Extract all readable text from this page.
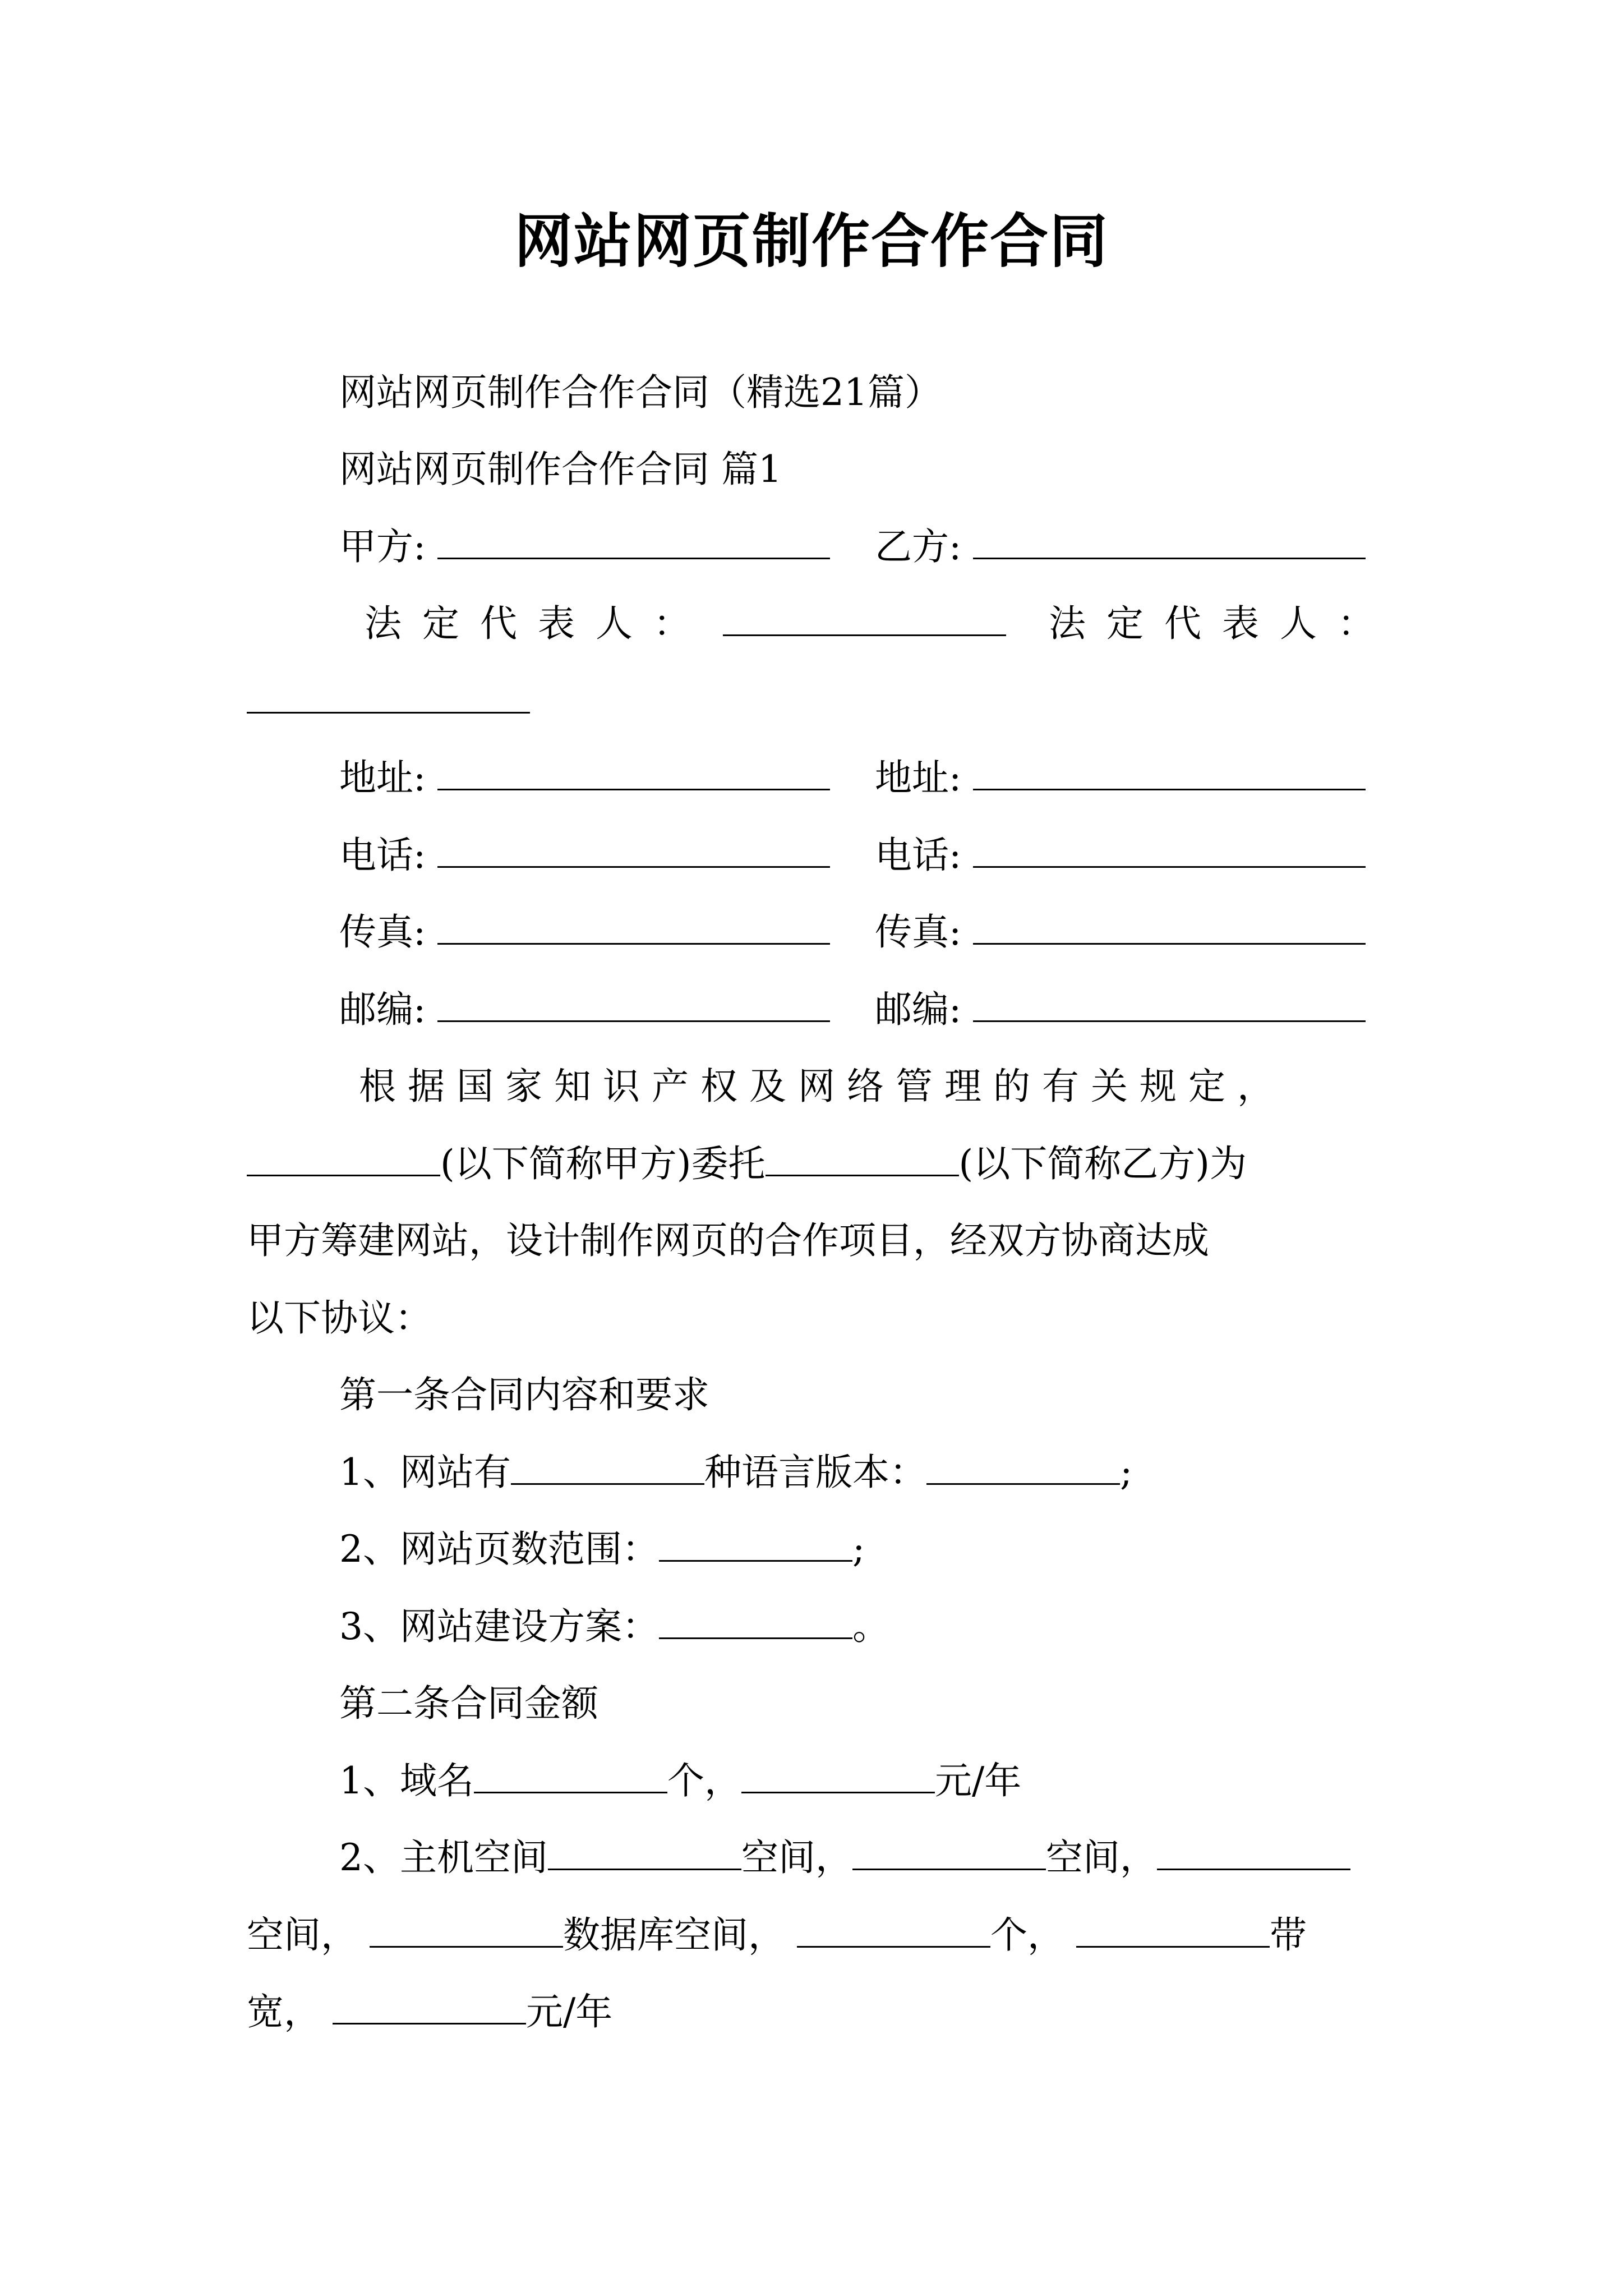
网站网页制作合作合同
网站网页制作合作合同（精选21篇）
网站网页制作合作合同 篇1
甲方:	乙方:
法定代表人：	法定代表人：
地址:	地址:
电话:	电话:
传真:	传真:
邮编:	邮编:
根据国家知识产权及网络管理的有关规定，
(以下简称甲方)委托	(以下简称乙方)为
甲方筹建网站，设计制作网页的合作项目，经双方协商达成
以下协议：
第一条合同内容和要求
1、网站有	种语言版本：	;
2、网站页数范围：	;
3、网站建设方案：	。
第二条合同金额
1、域名	个，	元/年
2、主机空间	空间，	空间，
空间，	数据库空间，	个，	带
宽，	元/年
